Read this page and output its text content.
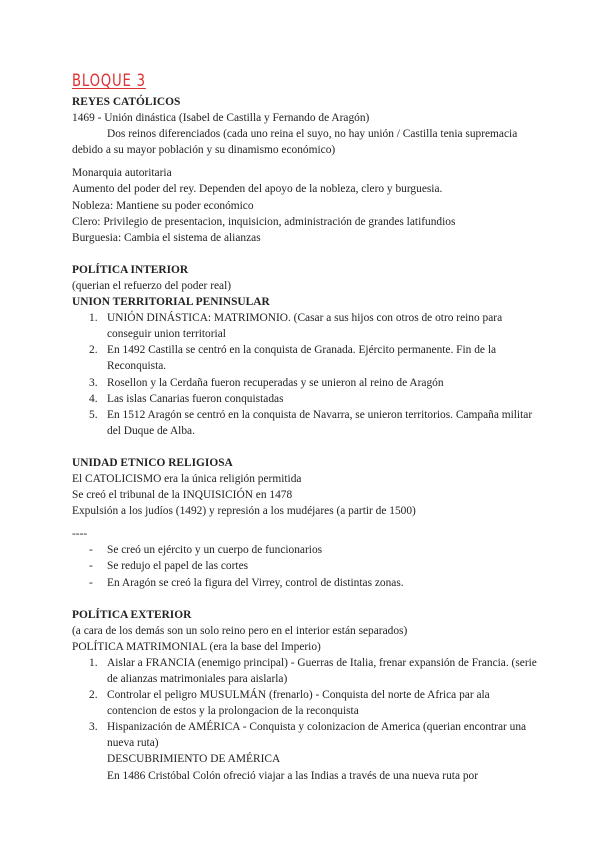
BLOQUE 3
REYES CATÓLICOS
1469 - Unión dinástica (Isabel de Castilla y Fernando de Aragón)
Dos reinos diferenciados (cada uno reina el suyo, no hay unión / Castilla tenia supremacia debido a su mayor población y su dinamismo económico)
Monarquia autoritaria
Aumento del poder del rey. Dependen del apoyo de la nobleza, clero y burguesia.
Nobleza: Mantiene su poder económico
Clero: Privilegio de presentacion, inquisicion, administración de grandes latifundios
Burguesia: Cambia el sistema de alianzas
POLÍTICA INTERIOR
(querian el refuerzo del poder real)
UNION TERRITORIAL PENINSULAR
1. UNIÓN DINÁSTICA: MATRIMONIO. (Casar a sus hijos con otros de otro reino para conseguir union territorial
2. En 1492 Castilla se centró en la conquista de Granada. Ejército permanente. Fin de la Reconquista.
3. Rosellon y la Cerdaña fueron recuperadas y se unieron al reino de Aragón
4. Las islas Canarias fueron conquistadas
5. En 1512 Aragón se centró en la conquista de Navarra, se unieron territorios. Campaña militar del Duque de Alba.
UNIDAD ETNICO RELIGIOSA
El CATOLICISMO era la única religión permitida
Se creó el tribunal de la INQUISICIÓN en 1478
Expulsión a los judíos (1492) y represión a los mudéjares (a partir de 1500)
----
- Se creó un ejército y un cuerpo de funcionarios
- Se redujo el papel de las cortes
- En Aragón se creó la figura del Virrey, control de distintas zonas.
POLÍTICA EXTERIOR
(a cara de los demás son un solo reino pero en el interior están separados)
POLÍTICA MATRIMONIAL (era la base del Imperio)
1. Aislar a FRANCIA (enemigo principal) - Guerras de Italia, frenar expansión de Francia. (serie de alianzas matrimoniales para aislarla)
2. Controlar el peligro MUSULMÁN (frenarlo) - Conquista del norte de Africa par ala contencion de estos y la prolongacion de la reconquista
3. Hispanización de AMÉRICA - Conquista y colonizacion de America (querian encontrar una nueva ruta)
DESCUBRIMIENTO DE AMÉRICA
En 1486 Cristóbal Colón ofreció viajar a las Indias a través de una nueva ruta por
